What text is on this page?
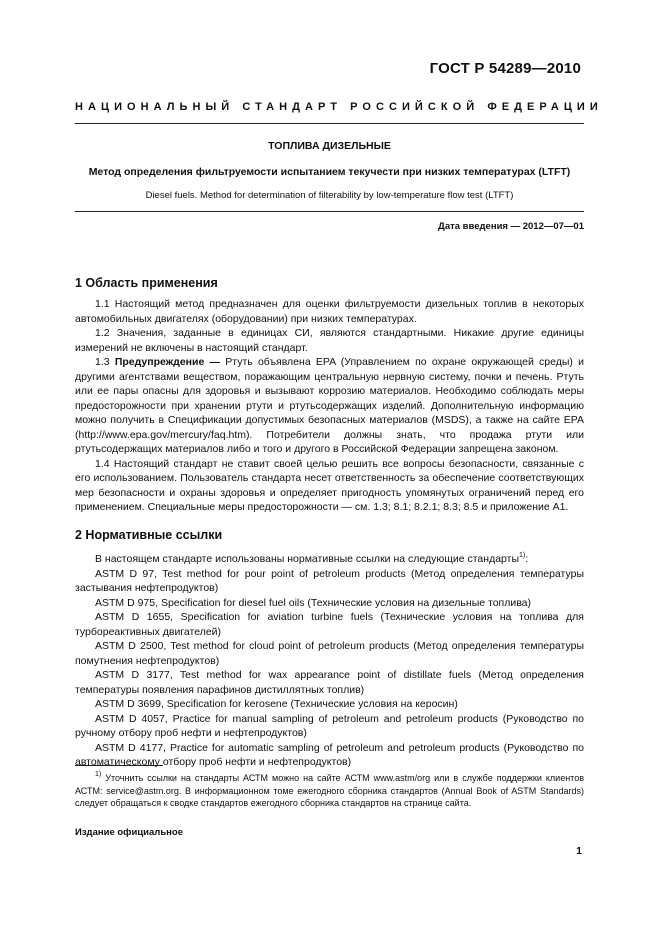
ГОСТ Р 54289—2010
НАЦИОНАЛЬНЫЙ СТАНДАРТ РОССИЙСКОЙ ФЕДЕРАЦИИ
ТОПЛИВА ДИЗЕЛЬНЫЕ
Метод определения фильтруемости испытанием текучести при низких температурах (LTFT)
Diesel fuels. Method for determination of filterability by low-temperature flow test (LTFT)
Дата введения — 2012—07—01
1 Область применения

1.1 Настоящий метод предназначен для оценки фильтруемости дизельных топлив в некоторых автомобильных двигателях (оборудовании) при низких температурах.

1.2 Значения, заданные в единицах СИ, являются стандартными. Никакие другие единицы измерений не включены в настоящий стандарт.

1.3 Предупреждение — Ртуть объявлена EPA (Управлением по охране окружающей среды) и другими агентствами веществом, поражающим центральную нервную систему, почки и печень. Ртуть или ее пары опасны для здоровья и вызывают коррозию материалов. Необходимо соблюдать меры предосторожности при хранении ртути и ртутьсодержащих изделий. Дополнительную информацию можно получить в Спецификации допустимых безопасных материалов (MSDS), а также на сайте EPA (http://www.epa.gov/mercury/faq.htm). Потребители должны знать, что продажа ртути или ртутьсодержащих материалов либо и того и другого в Российской Федерации запрещена законом.

1.4 Настоящий стандарт не ставит своей целью решить все вопросы безопасности, связанные с его использованием. Пользователь стандарта несет ответственность за обеспечение соответствующих мер безопасности и охраны здоровья и определяет пригодность упомянутых ограничений перед его применением. Специальные меры предосторожности — см. 1.3; 8.1; 8.2.1; 8.3; 8.5 и приложение А1.

2 Нормативные ссылки

В настоящем стандарте использованы нормативные ссылки на следующие стандарты$^{1)}$:

ASTM D 97, Test method for pour point of petroleum products (Метод определения температуры застывания нефтепродуктов)

ASTM D 975, Specification for diesel fuel oils (Технические условия на дизельные топлива)

ASTM D 1655, Specification for aviation turbine fuels (Технические условия на топлива для турбореактивных двигателей)

ASTM D 2500, Test method for cloud point of petroleum products (Метод определения температуры помутнения нефтепродуктов)

ASTM D 3177, Test method for wax appearance point of distillate fuels (Метод определения температуры появления парафинов дистиллятных топлив)

ASTM D 3699, Specification for kerosene (Технические условия на керосин)

ASTM D 4057, Practice for manual sampling of petroleum and petroleum products (Руководство по ручному отбору проб нефти и нефтепродуктов)

ASTM D 4177, Practice for automatic sampling of petroleum and petroleum products (Руководство по автоматическому отбору проб нефти и нефтепродуктов)

$^{1)}$ Уточнить ссылки на стандарты АСТМ можно на сайте АСТМ www.astm/org или в службе поддержки клиентов АСТМ: service@astm.org. В информационном томе ежегодного сборника стандартов (Annual Book of ASTM Standards) следует обращаться к сводке стандартов ежегодного сборника стандартов на странице сайта.

Издание официальное
1
